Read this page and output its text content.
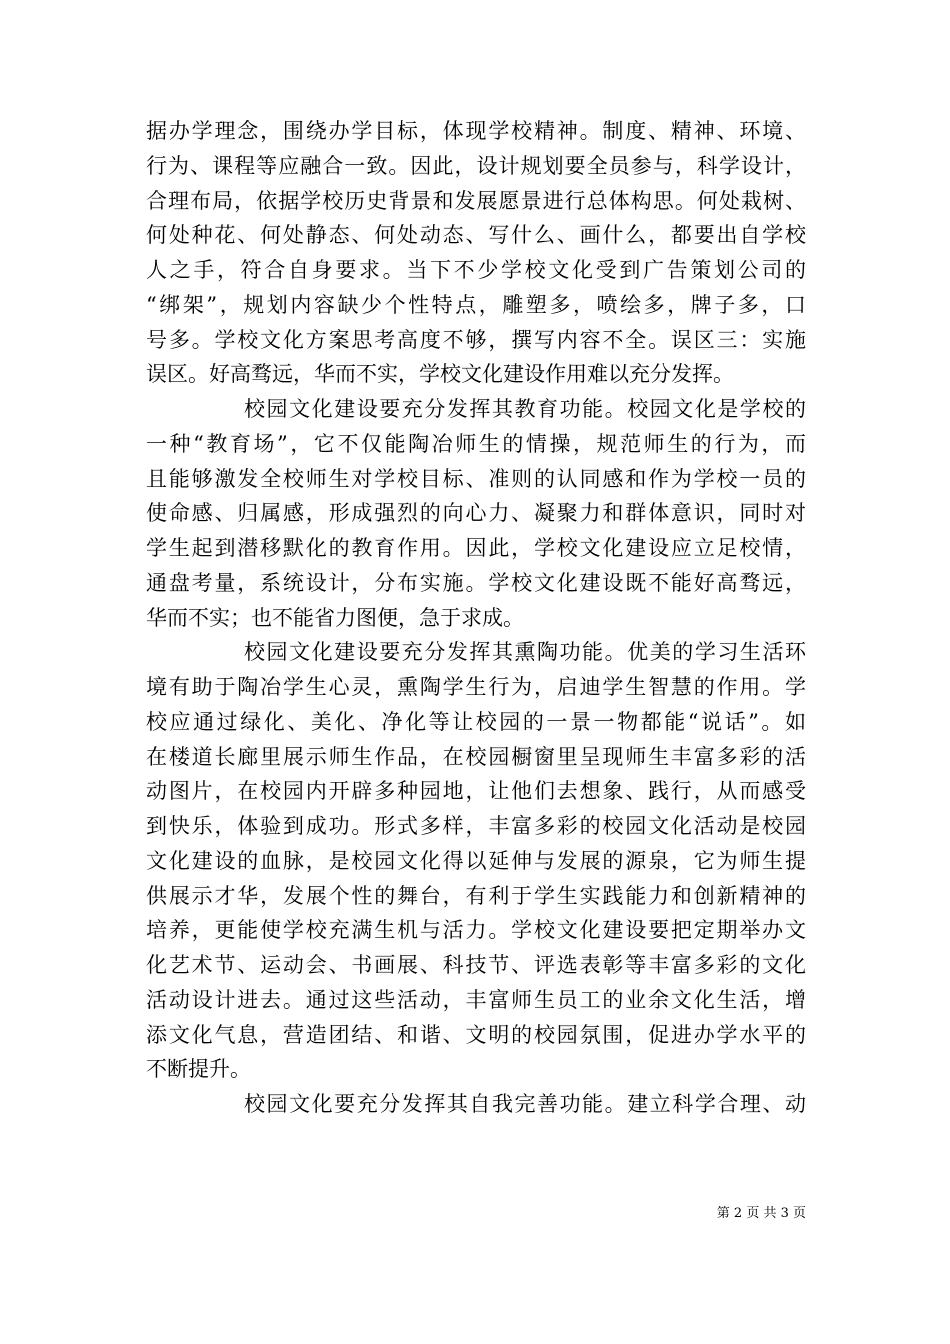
据办学理念，围绕办学目标，体现学校精神。制度、精神、环境、
行为、课程等应融合一致。因此，设计规划要全员参与，科学设计，
合理布局，依据学校历史背景和发展愿景进行总体构思。何处栽树、
何处种花、何处静态、何处动态、写什么、画什么，都要出自学校
人之手，符合自身要求。当下不少学校文化受到广告策划公司的
“绑架”，规划内容缺少个性特点，雕塑多，喷绘多，牌子多，口
号多。学校文化方案思考高度不够，撰写内容不全。误区三：实施
误区。好高骛远，华而不实，学校文化建设作用难以充分发挥。
校园文化建设要充分发挥其教育功能。校园文化是学校的
一种“教育场”，它不仅能陶冶师生的情操，规范师生的行为，而
且能够激发全校师生对学校目标、准则的认同感和作为学校一员的
使命感、归属感，形成强烈的向心力、凝聚力和群体意识，同时对
学生起到潜移默化的教育作用。因此，学校文化建设应立足校情，
通盘考量，系统设计，分布实施。学校文化建设既不能好高骛远，
华而不实；也不能省力图便，急于求成。
校园文化建设要充分发挥其熏陶功能。优美的学习生活环
境有助于陶冶学生心灵，熏陶学生行为，启迪学生智慧的作用。学
校应通过绿化、美化、净化等让校园的一景一物都能“说话”。如
在楼道长廊里展示师生作品，在校园橱窗里呈现师生丰富多彩的活
动图片，在校园内开辟多种园地，让他们去想象、践行，从而感受
到快乐，体验到成功。形式多样，丰富多彩的校园文化活动是校园
文化建设的血脉，是校园文化得以延伸与发展的源泉，它为师生提
供展示才华，发展个性的舞台，有利于学生实践能力和创新精神的
培养，更能使学校充满生机与活力。学校文化建设要把定期举办文
化艺术节、运动会、书画展、科技节、评选表彰等丰富多彩的文化
活动设计进去。通过这些活动，丰富师生员工的业余文化生活，增
添文化气息，营造团结、和谐、文明的校园氛围，促进办学水平的
不断提升。
校园文化要充分发挥其自我完善功能。建立科学合理、动
第 2 页 共 3 页
